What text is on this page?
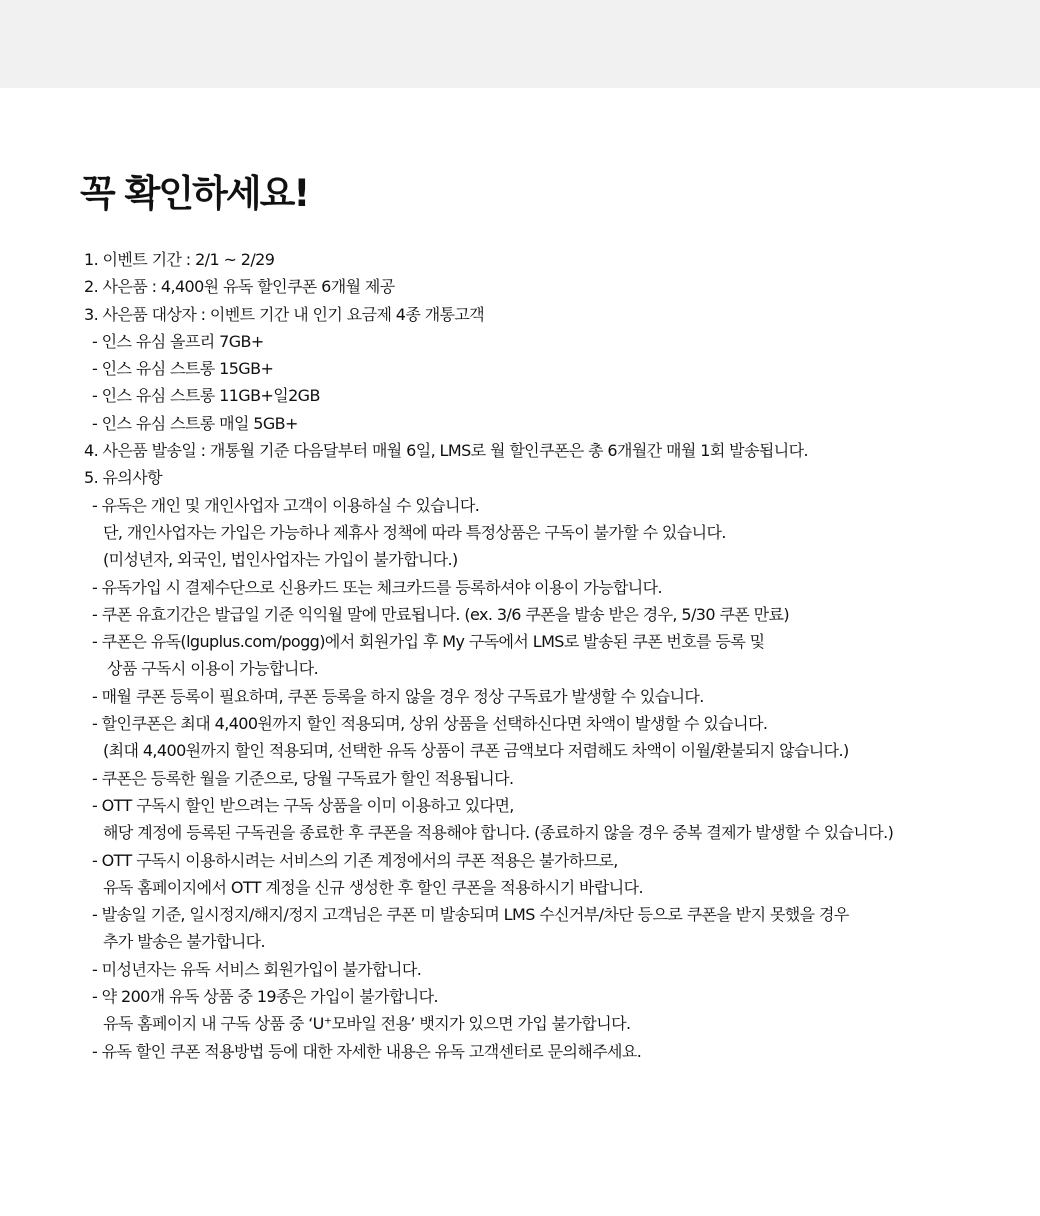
꼭 확인하세요!
1. 이벤트 기간 : 2/1 ~ 2/29
2. 사은품 : 4,400원 유독 할인쿠폰 6개월 제공
3. 사은품 대상자 : 이벤트 기간 내 인기 요금제 4종 개통고객
- 인스 유심 올프리 7GB+
- 인스 유심 스트롱 15GB+
- 인스 유심 스트롱 11GB+일2GB
- 인스 유심 스트롱 매일 5GB+
4. 사은품 발송일 : 개통월 기준 다음달부터 매월 6일, LMS로 월 할인쿠폰은 총 6개월간 매월 1회 발송됩니다.
5. 유의사항
- 유독은 개인 및 개인사업자 고객이 이용하실 수 있습니다.
단, 개인사업자는 가입은 가능하나 제휴사 정책에 따라 특정상품은 구독이 불가할 수 있습니다.
(미성년자, 외국인, 법인사업자는 가입이 불가합니다.)
- 유독가입 시 결제수단으로 신용카드 또는 체크카드를 등록하셔야 이용이 가능합니다.
- 쿠폰 유효기간은 발급일 기준 익익월 말에 만료됩니다. (ex. 3/6 쿠폰을 발송 받은 경우, 5/30 쿠폰 만료)
- 쿠폰은 유독(lguplus.com/pogg)에서 회원가입 후 My 구독에서 LMS로 발송된 쿠폰 번호를 등록 및
상품 구독시 이용이 가능합니다.
- 매월 쿠폰 등록이 필요하며, 쿠폰 등록을 하지 않을 경우 정상 구독료가 발생할 수 있습니다.
- 할인쿠폰은 최대 4,400원까지 할인 적용되며, 상위 상품을 선택하신다면 차액이 발생할 수 있습니다.
(최대 4,400원까지 할인 적용되며, 선택한 유독 상품이 쿠폰 금액보다 저렴해도 차액이 이월/환불되지 않습니다.)
- 쿠폰은 등록한 월을 기준으로, 당월 구독료가 할인 적용됩니다.
- OTT 구독시 할인 받으려는 구독 상품을 이미 이용하고 있다면,
해당 계정에 등록된 구독권을 종료한 후 쿠폰을 적용해야 합니다. (종료하지 않을 경우 중복 결제가 발생할 수 있습니다.)
- OTT 구독시 이용하시려는 서비스의 기존 계정에서의 쿠폰 적용은 불가하므로,
유독 홈페이지에서 OTT 계정을 신규 생성한 후 할인 쿠폰을 적용하시기 바랍니다.
- 발송일 기준, 일시정지/해지/정지 고객님은 쿠폰 미 발송되며 LMS 수신거부/차단 등으로 쿠폰을 받지 못했을 경우
추가 발송은 불가합니다.
- 미성년자는 유독 서비스 회원가입이 불가합니다.
- 약 200개 유독 상품 중 19종은 가입이 불가합니다.
유독 홈페이지 내 구독 상품 중 ‘U⁺모바일 전용’ 뱃지가 있으면 가입 불가합니다.
- 유독 할인 쿠폰 적용방법 등에 대한 자세한 내용은 유독 고객센터로 문의해주세요.
